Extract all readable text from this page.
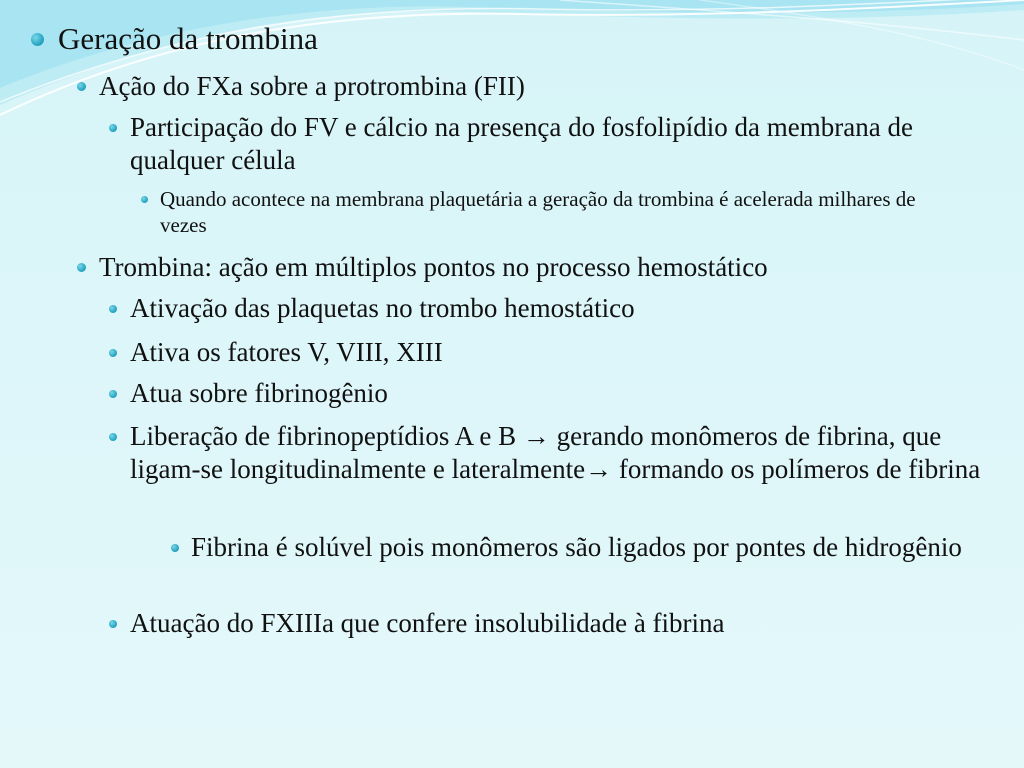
Geração da trombina

Ação do FXa sobre a protrombina (FII)

Participação do FV e cálcio na presença do fosfolipídio da membrana de qualquer célula

Quando acontece na membrana plaquetária a geração da trombina é acelerada milhares de vezes

Trombina: ação em múltiplos pontos no processo hemostático

Ativação das plaquetas no trombo hemostático

Ativa os fatores V, VIII, XIII

Atua sobre fibrinogênio

Liberação de fibrinopeptídios A e B → gerando monômeros de fibrina, que ligam-se longitudinalmente e lateralmente→ formando os polímeros de fibrina

Fibrina é solúvel pois monômeros são ligados por pontes de hidrogênio

Atuação do FXIIIa que confere insolubilidade à fibrina
